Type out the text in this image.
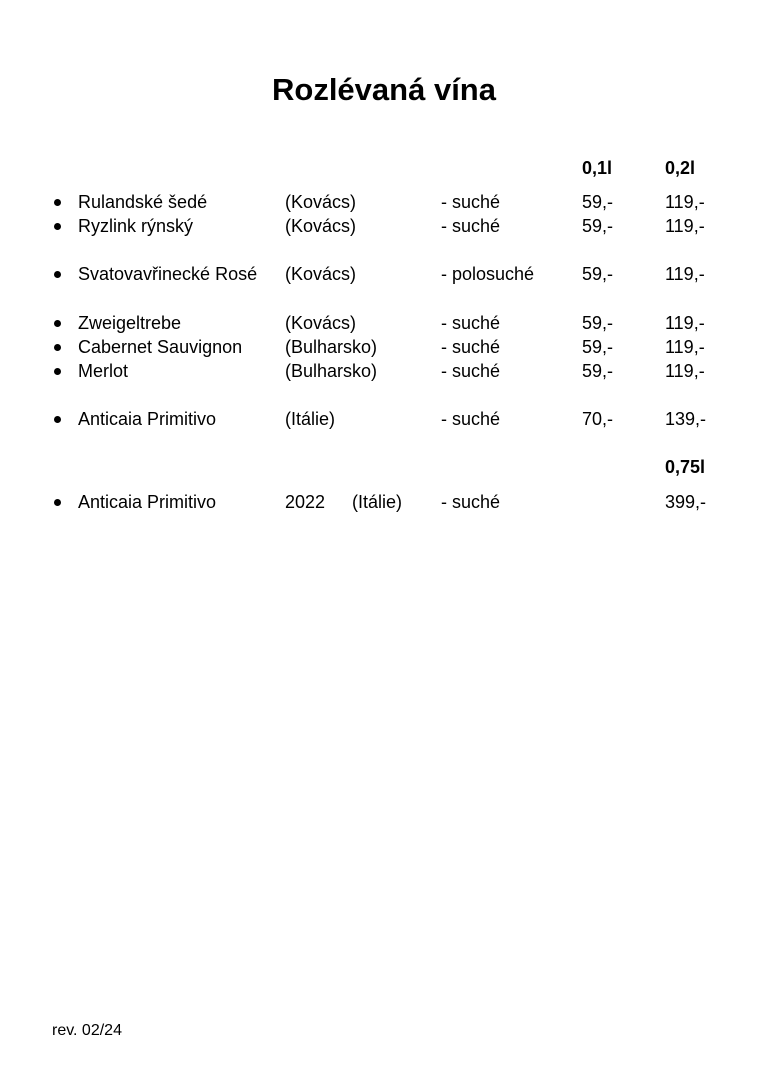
Rozlévaná vína
0,1l	0,2l
Rulandské šedé	(Kovács)	- suché	59,-	119,-
Ryzlink rýnský	(Kovács)	- suché	59,-	119,-
Svatovavřinecké Rosé (Kovács)	- polosuché	59,-	119,-
Zweigeltrebe	(Kovács)	- suché	59,-	119,-
Cabernet Sauvignon (Bulharsko)	- suché	59,-	119,-
Merlot	(Bulharsko)	- suché	59,-	119,-
Anticaia Primitivo	(Itálie)	- suché	70,-	139,-
0,75l
Anticaia Primitivo	2022 (Itálie) - suché	399,-
rev. 02/24
